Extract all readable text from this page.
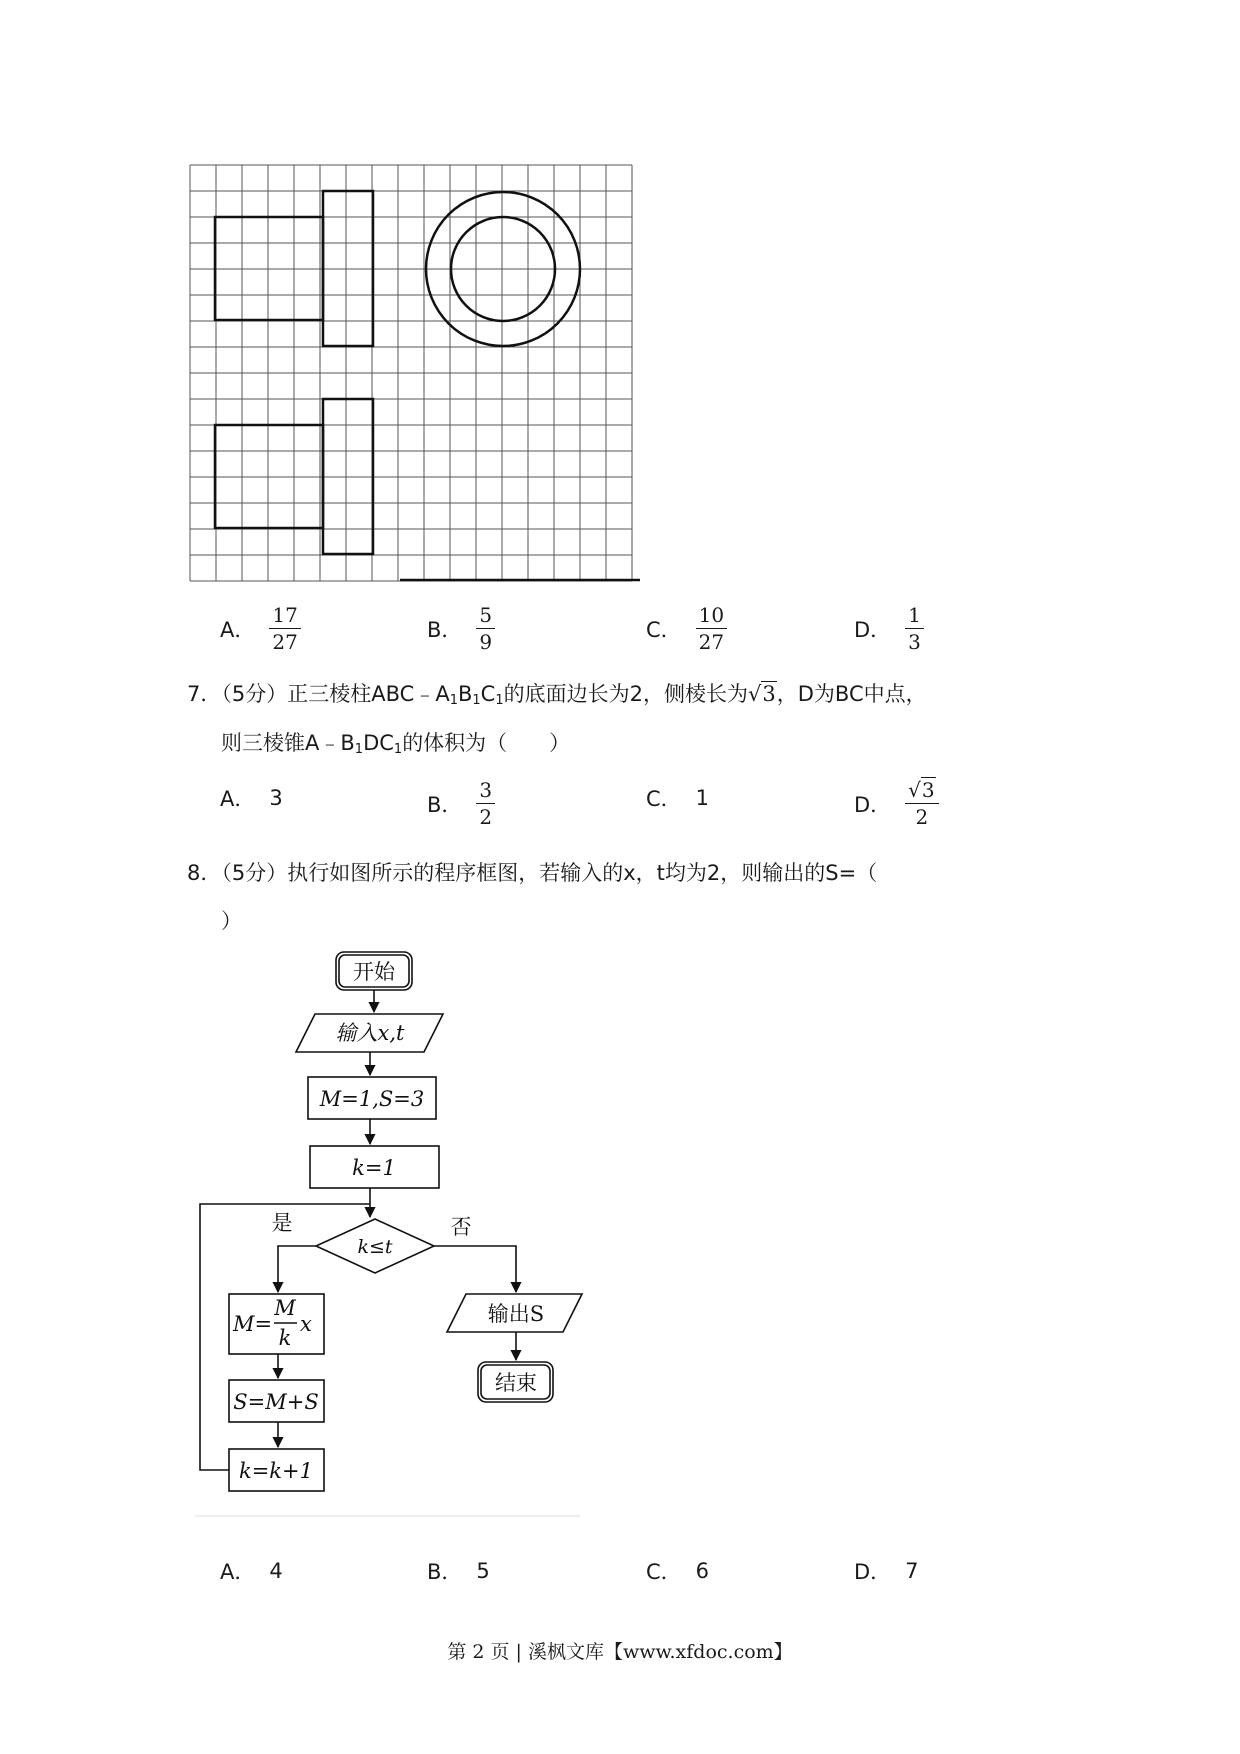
A． $\frac{17}{27}$	B． $\frac{5}{9}$	C． $\frac{10}{27}$	D． $\frac{1}{3}$
7．（5分）正三棱柱$ABC﹣A_1B_1C_1$的底面边长为2，侧棱长为√3，D为BC中点，
则三棱锥$A﹣B_1DC_1$的体积为（　　）
A． 3	B． $\frac{3}{2}$	C． 1	D． $\frac{√3}{2}$
8．（5分）执行如图所示的程序框图，若输入的x，t均为2，则输出的S=（
）
开始
输入x,t
M=1,S=3
k=1
k≤t
是	否
M=
M
k
x
S=M+S
k=k+1
输出S
结束
A． 4	B． 5	C． 6	D． 7
第 2 页 | 溪枫文库【www.xfdoc.com】
